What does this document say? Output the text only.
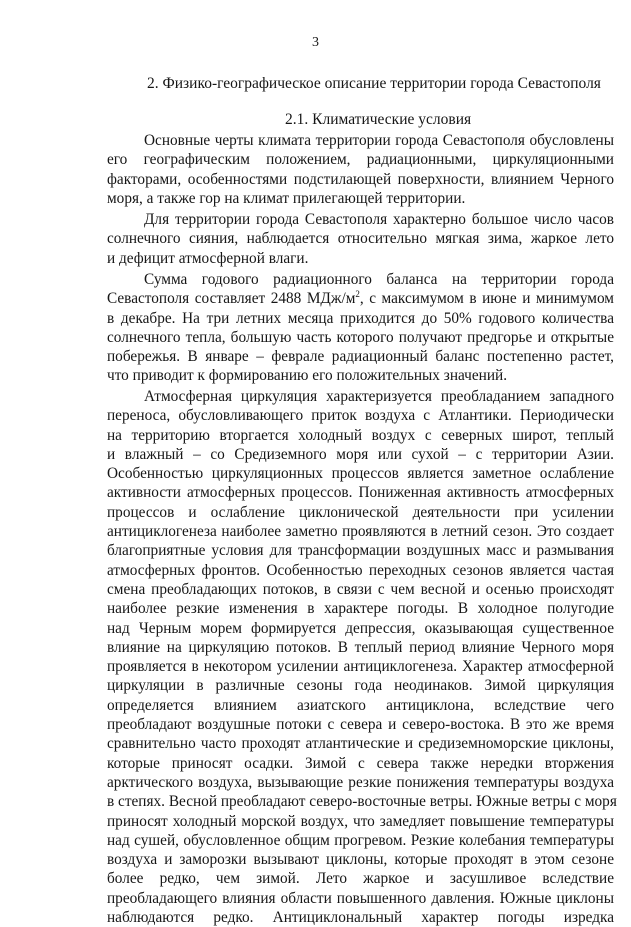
3
2. Физико-географическое описание территории города Севастополя
2.1. Климатические условия
Основные черты климата территории города Севастополя обусловлены
его географическим положением, радиационными, циркуляционными
факторами, особенностями подстилающей поверхности, влиянием Черного
моря, а также гор на климат прилегающей территории.
Для территории города Севастополя характерно большое число часов
солнечного сияния, наблюдается относительно мягкая зима, жаркое лето
и дефицит атмосферной влаги.
Сумма годового радиационного баланса на территории города
Севастополя составляет 2488 МДж/$м^2$, с максимумом в июне и минимумом
в декабре. На три летних месяца приходится до 50% годового количества
солнечного тепла, большую часть которого получают предгорье и открытые
побережья. В январе – феврале радиационный баланс постепенно растет,
что приводит к формированию его положительных значений.
Атмосферная циркуляция характеризуется преобладанием западного
переноса, обусловливающего приток воздуха с Атлантики. Периодически
на территорию вторгается холодный воздух с северных широт, теплый
и влажный – со Средиземного моря или сухой – с территории Азии.
Особенностью циркуляционных процессов является заметное ослабление
активности атмосферных процессов. Пониженная активность атмосферных
процессов и ослабление циклонической деятельности при усилении
антициклогенеза наиболее заметно проявляются в летний сезон. Это создает
благоприятные условия для трансформации воздушных масс и размывания
атмосферных фронтов. Особенностью переходных сезонов является частая
смена преобладающих потоков, в связи с чем весной и осенью происходят
наиболее резкие изменения в характере погоды. В холодное полугодие
над Черным морем формируется депрессия, оказывающая существенное
влияние на циркуляцию потоков. В теплый период влияние Черного моря
проявляется в некотором усилении антициклогенеза. Характер атмосферной
циркуляции в различные сезоны года неодинаков. Зимой циркуляция
определяется влиянием азиатского антициклона, вследствие чего
преобладают воздушные потоки с севера и северо-востока. В это же время
сравнительно часто проходят атлантические и средиземноморские циклоны,
которые приносят осадки. Зимой с севера также нередки вторжения
арктического воздуха, вызывающие резкие понижения температуры воздуха
в степях. Весной преобладают северо-восточные ветры. Южные ветры с моря
приносят холодный морской воздух, что замедляет повышение температуры
над сушей, обусловленное общим прогревом. Резкие колебания температуры
воздуха и заморозки вызывают циклоны, которые проходят в этом сезоне
более редко, чем зимой. Лето жаркое и засушливое вследствие
преобладающего влияния области повышенного давления. Южные циклоны
наблюдаются редко. Антициклональный характер погоды изредка
